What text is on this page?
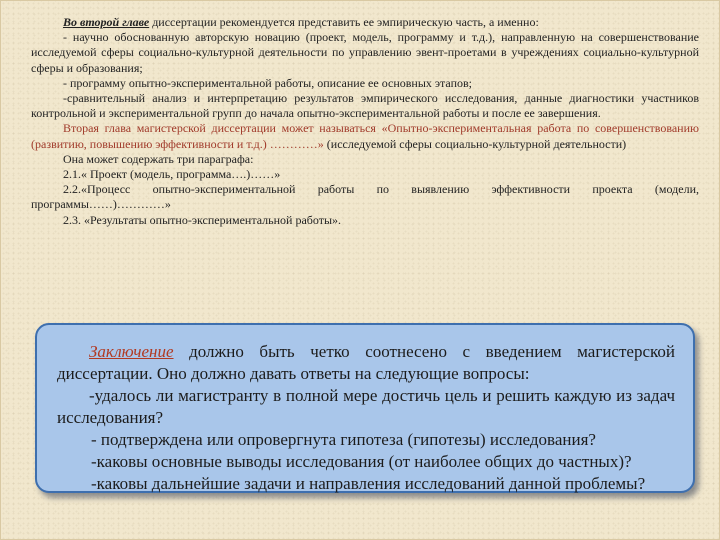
Во второй главе диссертации рекомендуется представить ее эмпирическую часть, а именно:

- научно обоснованную авторскую новацию (проект, модель, программу и т.д.), направленную на совершенствование исследуемой сферы социально-культурной деятельности по управлению эвент-проетами в учреждениях социально-культурной сферы и образования;

- программу опытно-экспериментальной работы, описание ее основных этапов;

-сравнительный анализ и интерпретацию результатов эмпирического исследования, данные диагностики участников контрольной и экспериментальной групп до начала опытно-экспериментальной работы и после ее завершения.

Вторая глава магистерской диссертации может называться «Опытно-экспериментальная работа по совершенствованию (развитию, повышению эффективности и т.д.) …………» (исследуемой сферы социально-культурной деятельности)

Она может содержать три параграфа:

2.1.« Проект (модель, программа….)……»

2.2.«Процесс опытно-экспериментальной работы по выявлению эффективности проекта (модели, программы……)…………»

2.3. «Результаты опытно-экспериментальной работы».

Заключение должно быть четко соотнесено с введением магистерской диссертации. Оно должно давать ответы на следующие вопросы:

-удалось ли магистранту в полной мере достичь цель и решить каждую из задач исследования?

- подтверждена или опровергнута гипотеза (гипотезы) исследования?

-каковы основные выводы исследования (от наиболее общих до частных)?

-каковы дальнейшие задачи и направления исследований данной проблемы?
